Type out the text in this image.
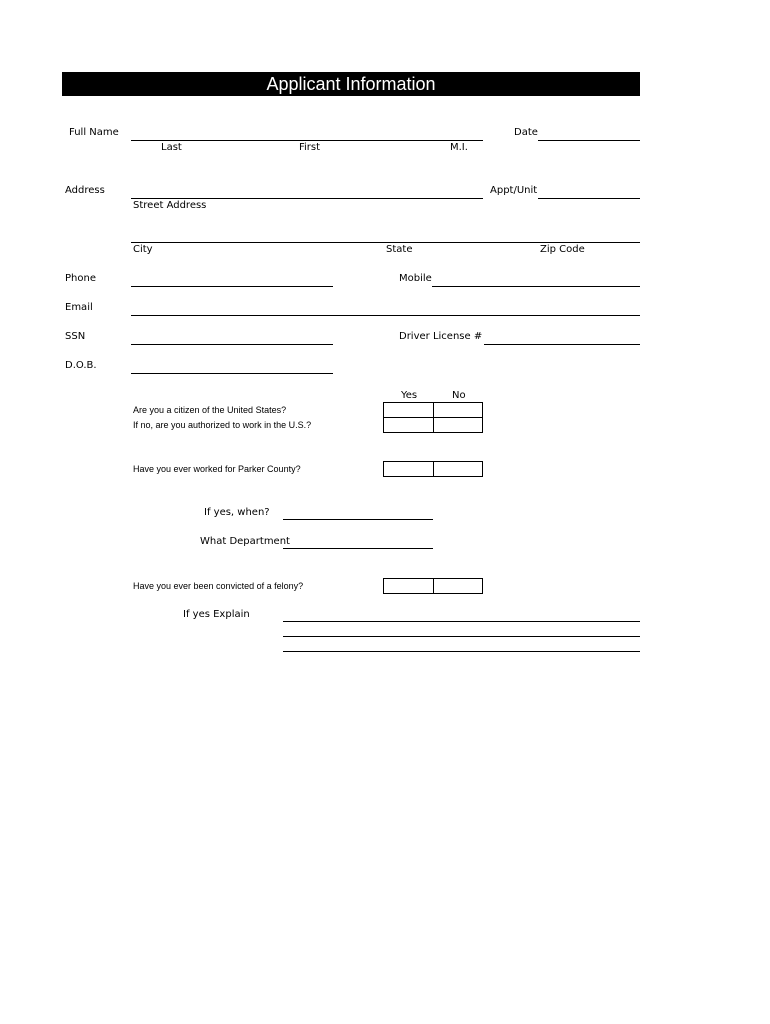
Applicant Information
Full Name
Last	First	M.I.
Date
Address
Street Address
Appt/Unit
City	State	Zip Code
Phone	Mobile
Email
SSN	Driver License #
D.O.B.
Yes	No
Are you a citizen of the United States?
If no, are you authorized to work in the U.S.?
Have you ever worked for Parker County?
If yes, when?
What Department
Have you ever been convicted of a felony?
If yes Explain
